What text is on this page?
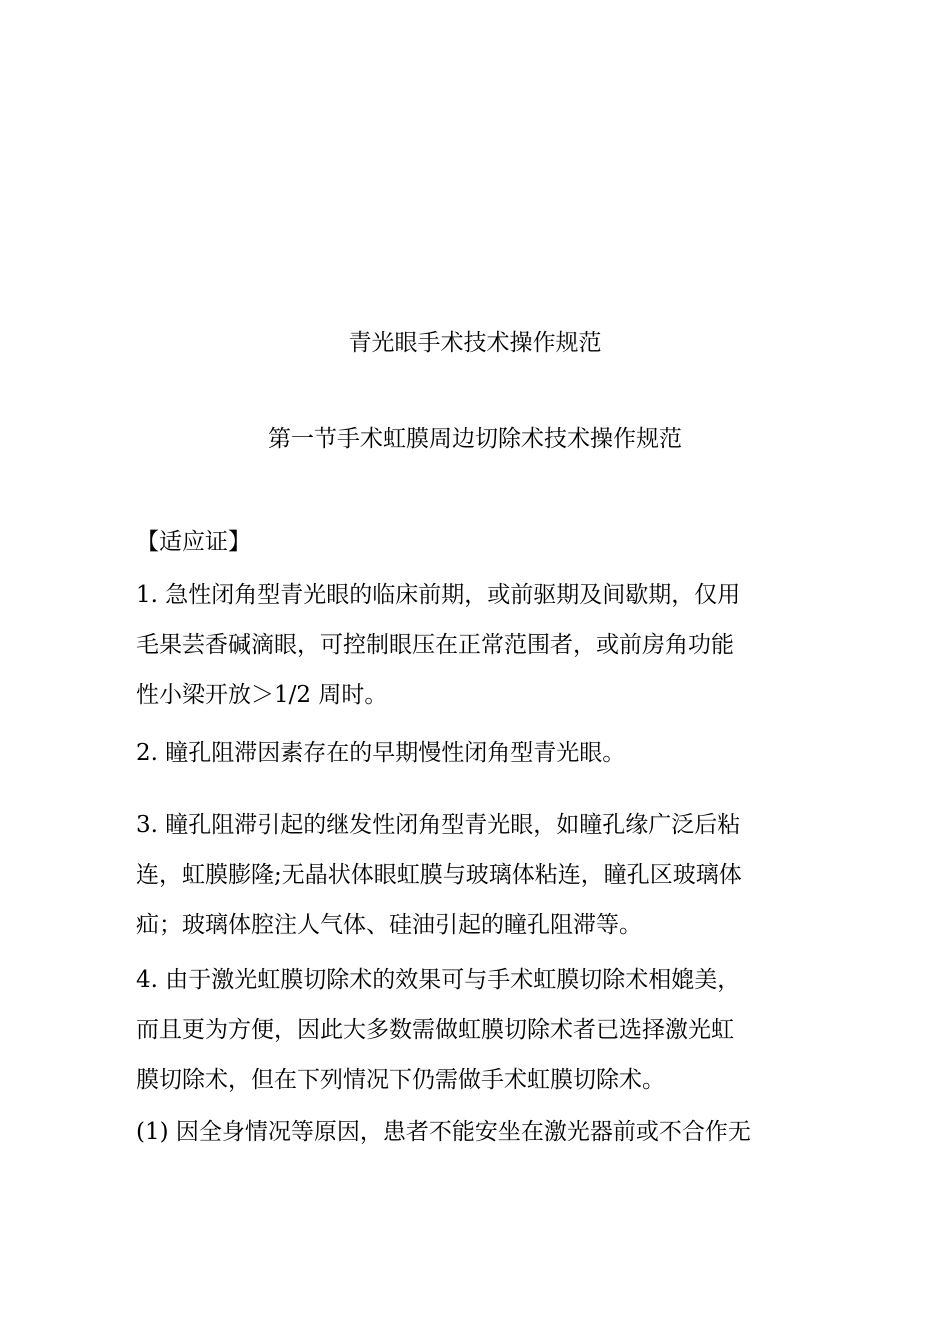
青光眼手术技术操作规范
第一节手术虹膜周边切除术技术操作规范
【适应证】
1. 急性闭角型青光眼的临床前期，或前驱期及间歇期，仅用
毛果芸香碱滴眼，可控制眼压在正常范围者，或前房角功能
性小梁开放＞1/2 周时。
2. 瞳孔阻滞因素存在的早期慢性闭角型青光眼。
3. 瞳孔阻滞引起的继发性闭角型青光眼，如瞳孔缘广泛后粘
连，虹膜膨隆;无晶状体眼虹膜与玻璃体粘连，瞳孔区玻璃体
疝；玻璃体腔注人气体、硅油引起的瞳孔阻滞等。
4. 由于激光虹膜切除术的效果可与手术虹膜切除术相媲美，
而且更为方便，因此大多数需做虹膜切除术者已选择激光虹
膜切除术，但在下列情况下仍需做手术虹膜切除术。
(1) 因全身情况等原因，患者不能安坐在激光器前或不合作无
